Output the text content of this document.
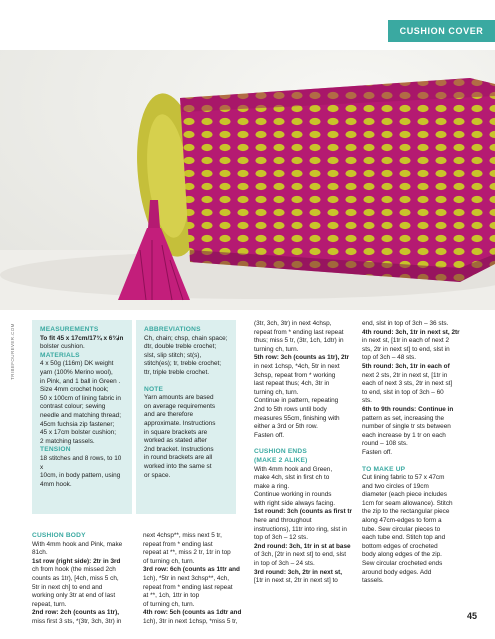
CUSHION COVER
TRIBEFOUREVER.COM	MEASUREMENTS

To fit 45 x 17cm/17¾ x 6¾in

bolster cushion.

MATERIALS

4 x 50g (116m) DK weight

yarn (100% Merino wool),

in Pink, and 1 ball in Green .

Size 4mm crochet hook;

50 x 100cm of lining fabric in

contrast colour; sewing

needle and matching thread;

45cm fuchsia zip fastener;

45 x 17cm bolster cushion;

2 matching tassels.

TENSION

18 stitches and 8 rows, to 10 x

10cm, in body pattern, using

4mm hook.

CUSHION BODY

With 4mm hook and Pink, make

81ch.

1st row (right side): 2tr in 3rd

ch from hook (the missed 2ch

counts as 1tr), [4ch, miss 5 ch,

5tr in next ch] to end and

working only 3tr at end of last

repeat, turn.

2nd row: 2ch (counts as 1tr),

miss first 3 sts, *(3tr, 3ch, 3tr) in

ABBREVIATIONS

Ch, chain; chsp, chain space;

dtr, double treble crochet;

slst, slip stitch; st(s),

stitch(es); tr, treble crochet;

ttr, triple treble crochet.

NOTE

Yarn amounts are based

on average requirements

and are therefore

approximate. Instructions

in square brackets are

worked as stated after

2nd bracket. Instructions

in round brackets are all

worked into the same st

or space.

next 4chsp**, miss next 5 tr,

repeat from * ending last

repeat at **, miss 2 tr, 1tr in top

of turning ch, turn.

3rd row: 6ch (counts as 1ttr and

1ch), *5tr in next 3chsp**, 4ch,

repeat from * ending last repeat

at **, 1ch, 1ttr in top

of turning ch, turn.

4th row: 5ch (counts as 1dtr and

1ch), 3tr in next 1chsp, *miss 5 tr,

(3tr, 3ch, 3tr) in next 4chsp,

repeat from * ending last repeat

thus; miss 5 tr, (3tr, 1ch, 1dtr) in

turning ch, turn.

5th row: 3ch (counts as 1tr), 2tr

in next 1chsp, *4ch, 5tr in next

3chsp, repeat from * working

last repeat thus; 4ch, 3tr in

turning ch, turn.

Continue in pattern, repeating

2nd to 5th rows until body

measures 55cm, finishing with

either a 3rd or 5th row.

Fasten off.

CUSHION ENDS
(MAKE 2 ALIKE)

With 4mm hook and Green,

make 4ch, slst in first ch to

make a ring.

Continue working in rounds

with right side always facing.

1st round: 3ch (counts as first tr

here and throughout

instructions), 11tr into ring, slst in

top of 3ch – 12 sts.

2nd round: 3ch, 1tr in st at base

of 3ch, [2tr in next st] to end, slst

in top of 3ch – 24 sts.

3rd round: 3ch, 2tr in next st,

[1tr in next st, 2tr in next st] to

end, slst in top of 3ch – 36 sts.

4th round: 3ch, 1tr in next st, 2tr

in next st, [1tr in each of next 2

sts, 2tr in next st] to end, slst in

top of 3ch – 48 sts.

5th round: 3ch, 1tr in each of

next 2 sts, 2tr in next st, [1tr in

each of next 3 sts, 2tr in next st]

to end, slst in top of 3ch – 60

sts.

6th to 9th rounds: Continue in

pattern as set, increasing the

number of single tr sts between

each increase by 1 tr on each

round – 108 sts.

Fasten off.

TO MAKE UP

Cut lining fabric to 57 x 47cm

and two circles of 19cm

diameter (each piece includes

1cm for seam allowance). Stitch

the zip to the rectangular piece

along 47cm-edges to form a

tube. Sew circular pieces to

each tube end. Stitch top and

bottom edges of crocheted

body along edges of the zip.

Sew circular crocheted ends

around body edges. Add

tassels.

45
